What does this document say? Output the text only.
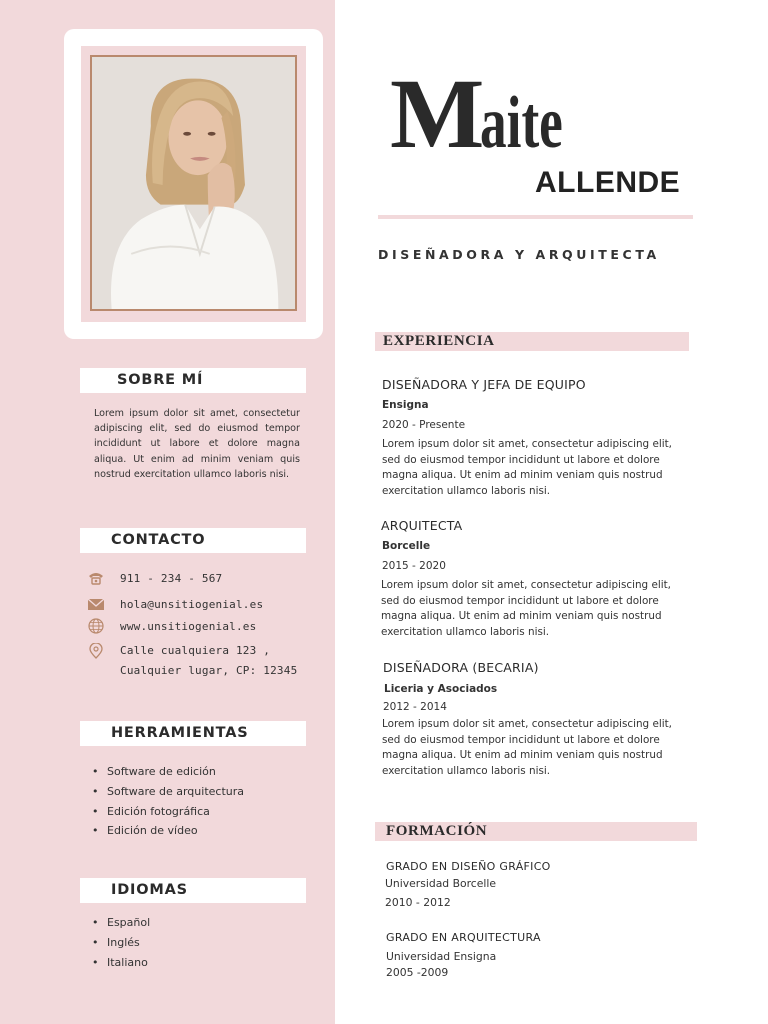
SOBRE MÍ
Lorem ipsum dolor sit amet, consectetur adipiscing elit, sed do eiusmod tempor incididunt ut labore et dolore magna aliqua. Ut enim ad minim veniam quis nostrud exercitation ullamco laboris nisi.
CONTACTO
911 - 234 - 567
hola@unsitiogenial.es
www.unsitiogenial.es
Calle cualquiera 123 ,
Cualquier lugar, CP: 12345
HERRAMIENTAS
• Software de edición
• Software de arquitectura
• Edición fotográfica
• Edición de vídeo
IDIOMAS
• Español
• Inglés
• Italiano
Maite
ALLENDE
DISEÑADORA Y ARQUITECTA
EXPERIENCIA
DISEÑADORA Y JEFA DE EQUIPO
Ensigna
2020 - Presente
Lorem ipsum dolor sit amet, consectetur adipiscing elit, sed do eiusmod tempor incididunt ut labore et dolore magna aliqua. Ut enim ad minim veniam quis nostrud exercitation ullamco laboris nisi.
ARQUITECTA
Borcelle
2015 - 2020
Lorem ipsum dolor sit amet, consectetur adipiscing elit, sed do eiusmod tempor incididunt ut labore et dolore magna aliqua. Ut enim ad minim veniam quis nostrud exercitation ullamco laboris nisi.
DISEÑADORA (BECARIA)
Liceria y Asociados
2012 - 2014
Lorem ipsum dolor sit amet, consectetur adipiscing elit, sed do eiusmod tempor incididunt ut labore et dolore magna aliqua. Ut enim ad minim veniam quis nostrud exercitation ullamco laboris nisi.
FORMACIÓN
GRADO EN DISEÑO GRÁFICO
Universidad Borcelle
2010 - 2012
GRADO EN ARQUITECTURA
Universidad Ensigna
2005 -2009
